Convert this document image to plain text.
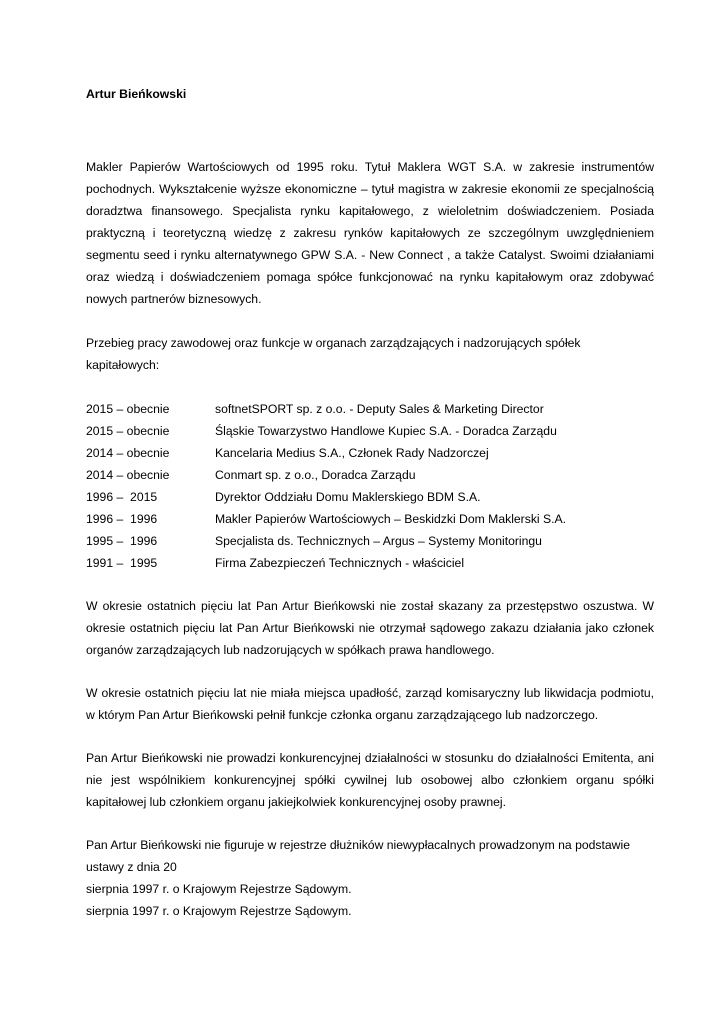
Artur Bieńkowski

Makler Papierów Wartościowych od 1995 roku. Tytuł Maklera WGT S.A. w zakresie instrumentów pochodnych. Wykształcenie wyższe ekonomiczne – tytuł magistra w zakresie ekonomii ze specjalnością doradztwa finansowego. Specjalista rynku kapitałowego, z wieloletnim doświadczeniem. Posiada praktyczną i teoretyczną wiedzę z zakresu rynków kapitałowych ze szczególnym uwzględnieniem segmentu seed i rynku alternatywnego GPW S.A. - New Connect , a także Catalyst. Swoimi działaniami oraz wiedzą i doświadczeniem pomaga spółce funkcjonować na rynku kapitałowym oraz zdobywać nowych partnerów biznesowych.

Przebieg pracy zawodowej oraz funkcje w organach zarządzających i nadzorujących spółek kapitałowych:

2015 – obecnie	softnetSPORT sp. z o.o. - Deputy Sales & Marketing Director
2015 – obecnie	Śląskie Towarzystwo Handlowe Kupiec S.A. - Doradca Zarządu
2014 – obecnie	Kancelaria Medius S.A., Członek Rady Nadzorczej
2014 – obecnie	Conmart sp. z o.o., Doradca Zarządu
1996 –  2015	Dyrektor Oddziału Domu Maklerskiego BDM S.A.
1996 –  1996	Makler Papierów Wartościowych – Beskidzki Dom Maklerski S.A.
1995 –  1996	Specjalista ds. Technicznych – Argus – Systemy Monitoringu
1991 –  1995	Firma Zabezpieczeń Technicznych - właściciel

W okresie ostatnich pięciu lat Pan Artur Bieńkowski nie został skazany za przestępstwo oszustwa. W okresie ostatnich pięciu lat Pan Artur Bieńkowski nie otrzymał sądowego zakazu działania jako członek organów zarządzających lub nadzorujących w spółkach prawa handlowego.

W okresie ostatnich pięciu lat nie miała miejsca upadłość, zarząd komisaryczny lub likwidacja podmiotu, w którym Pan Artur Bieńkowski pełnił funkcje członka organu zarządzającego lub nadzorczego.

Pan Artur Bieńkowski nie prowadzi konkurencyjnej działalności w stosunku do działalności Emitenta, ani nie jest wspólnikiem konkurencyjnej spółki cywilnej lub osobowej albo członkiem organu spółki kapitałowej lub członkiem organu jakiejkolwiek konkurencyjnej osoby prawnej.

Pan Artur Bieńkowski nie figuruje w rejestrze dłużników niewypłacalnych prowadzonym na podstawie ustawy z dnia 20
sierpnia 1997 r. o Krajowym Rejestrze Sądowym.
sierpnia 1997 r. o Krajowym Rejestrze Sądowym.
